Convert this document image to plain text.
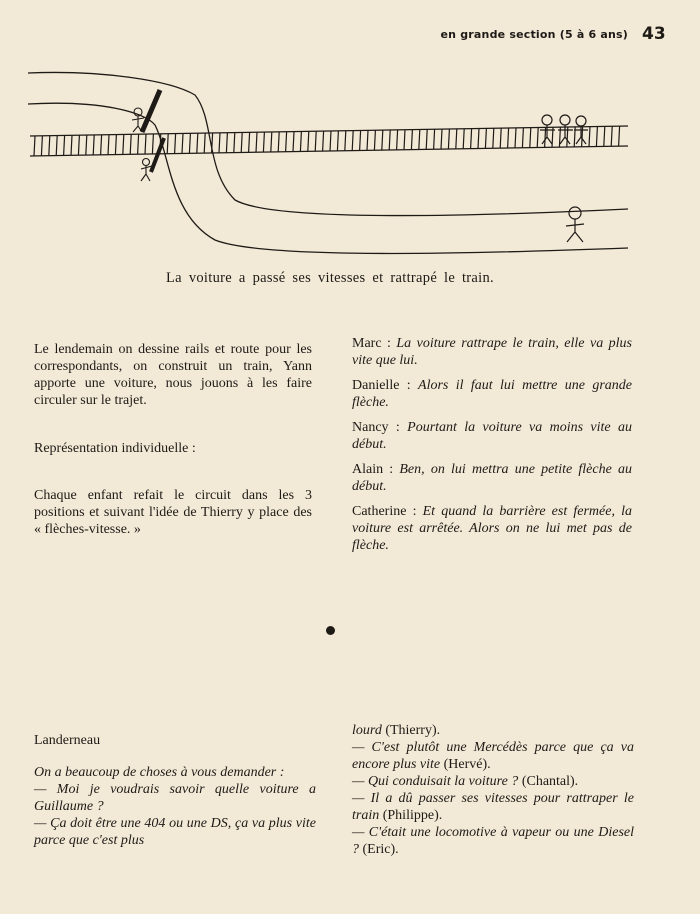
en grande section (5 à 6 ans) 43
La voiture a passé ses vitesses et rattrapé le train.

Le lendemain on dessine rails et route pour les correspondants, on construit un train, Yann apporte une voiture, nous jouons à les faire circuler sur le trajet.

Représentation individuelle :

Chaque enfant refait le circuit dans les 3 positions et suivant l'idée de Thierry y place des « flèches-vitesse. »

Marc : La voiture rattrape le train, elle va plus vite que lui.

Danielle : Alors il faut lui mettre une grande flèche.

Nancy : Pourtant la voiture va moins vite au début.

Alain : Ben, on lui mettra une petite flèche au début.

Catherine : Et quand la barrière est fermée, la voiture est arrêtée. Alors on ne lui met pas de flèche.

Landerneau

On a beaucoup de choses à vous demander :

— Moi je voudrais savoir quelle voiture a Guillaume ?

— Ça doit être une 404 ou une DS, ça va plus vite parce que c'est plus

lourd (Thierry).

— C'est plutôt une Mercédès parce que ça va encore plus vite (Hervé).

— Qui conduisait la voiture ? (Chantal).

— Il a dû passer ses vitesses pour rattraper le train (Philippe).

— C'était une locomotive à vapeur ou une Diesel ? (Eric).
